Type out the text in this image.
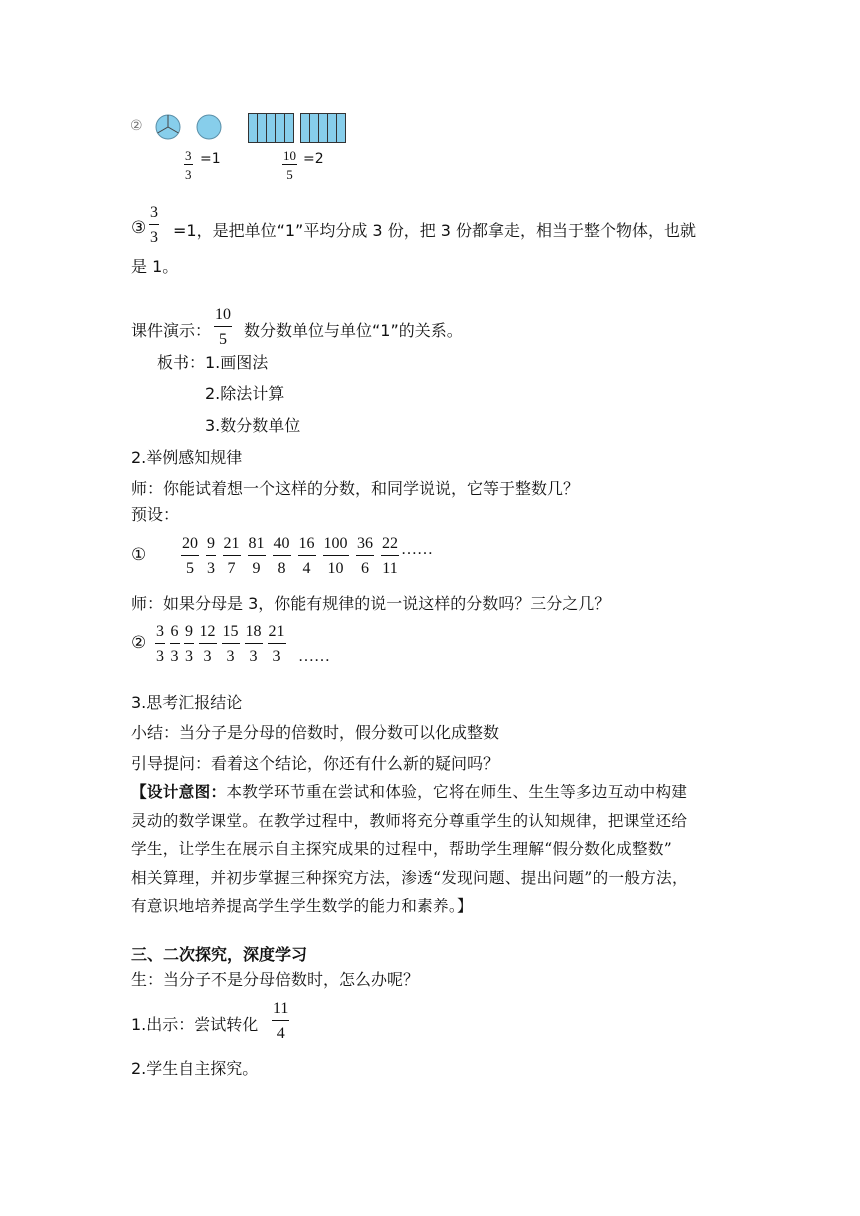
②
$\frac{3}{3} =1$	$\frac{10}{5} =2$
③ $\frac{3}{3} =1$，是把单位“1”平均分成 3 份，把 3 份都拿走，相当于整个物体，也就
是 1。
课件演示： $\frac{10}{5}$ 数分数单位与单位“1”的关系。
板书： 1.画图法
2.除法计算
3.数分数单位
2.举例感知规律
师：你能试着想一个这样的分数，和同学说说，它等于整数几？
预设：
① $\frac{20}{5} \frac{9}{3} \frac{21}{7} \frac{81}{9} \frac{40}{8} \frac{16}{4} \frac{100}{10} \frac{36}{6} \frac{22}{11}$ ……
师：如果分母是 3，你能有规律的说一说这样的分数吗？三分之几？
② $\frac{3}{3} \frac{6}{3} \frac{9}{3} \frac{12}{3} \frac{15}{3} \frac{18}{3} \frac{21}{3}$ ……
3.思考汇报结论
小结：当分子是分母的倍数时，假分数可以化成整数
引导提问：看着这个结论，你还有什么新的疑问吗？
【设计意图：本教学环节重在尝试和体验，它将在师生、生生等多边互动中构建
灵动的数学课堂。在教学过程中，教师将充分尊重学生的认知规律，把课堂还给
学生，让学生在展示自主探究成果的过程中，帮助学生理解“假分数化成整数”
相关算理，并初步掌握三种探究方法，渗透“发现问题、提出问题”的一般方法，
有意识地培养提高学生学生数学的能力和素养。】
三、二次探究，深度学习
生：当分子不是分母倍数时，怎么办呢？
1.出示：尝试转化 $\frac{11}{4}$
2.学生自主探究。
